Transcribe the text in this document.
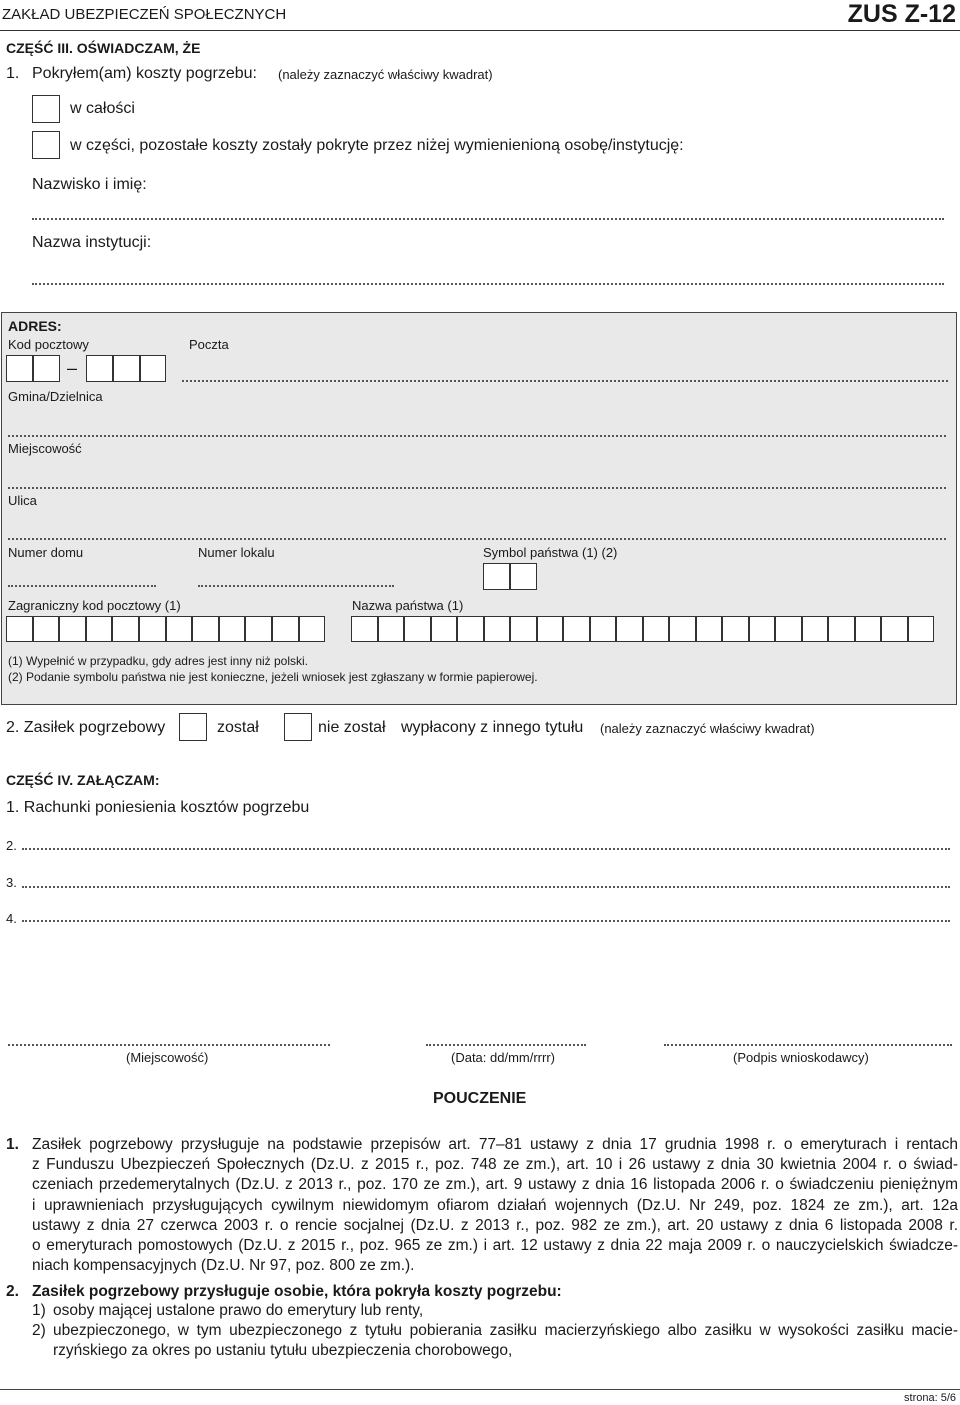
ZAKŁAD UBEZPIECZEŃ SPOŁECZNYCH	ZUS Z-12
CZĘŚĆ III. OŚWIADCZAM, ŻE
1. Pokryłem(am) koszty pogrzebu: (należy zaznaczyć właściwy kwadrat)
w całości
w części, pozostałe koszty zostały pokryte przez niżej wymienienioną osobę/instytucję:
Nazwisko i imię:
Nazwa instytucji:
ADRES:
Kod pocztowy	Poczta
–
Gmina/Dzielnica
Miejscowość
Ulica
Numer domu	Numer lokalu	Symbol państwa (1) (2)
Zagraniczny kod pocztowy (1)	Nazwa państwa (1)
(1) Wypełnić w przypadku, gdy adres jest inny niż polski.
(2) Podanie symbolu państwa nie jest konieczne, jeżeli wniosek jest zgłaszany w formie papierowej.
2. Zasiłek pogrzebowy	został	nie został wypłacony z innego tytułu (należy zaznaczyć właściwy kwadrat)
CZĘŚĆ IV. ZAŁĄCZAM:
1. Rachunki poniesienia kosztów pogrzebu
2.
3.
4.
(Miejscowość)	(Data: dd/mm/rrrr)	(Podpis wnioskodawcy)
POUCZENIE
1. Zasiłek pogrzebowy przysługuje na podstawie przepisów art. 77–81 ustawy z dnia 17 grudnia 1998 r. o emeryturach i rentach
z Funduszu Ubezpieczeń Społecznych (Dz.U. z 2015 r., poz. 748 ze zm.), art. 10 i 26 ustawy z dnia 30 kwietnia 2004 r. o świad-
czeniach przedemerytalnych (Dz.U. z 2013 r., poz. 170 ze zm.), art. 9 ustawy z dnia 16 listopada 2006 r. o świadczeniu pieniężnym
i uprawnieniach przysługujących cywilnym niewidomym ofiarom działań wojennych (Dz.U. Nr 249, poz. 1824 ze zm.), art. 12a
ustawy z dnia 27 czerwca 2003 r. o rencie socjalnej (Dz.U. z 2013 r., poz. 982 ze zm.), art. 20 ustawy z dnia 6 listopada 2008 r.
o emeryturach pomostowych (Dz.U. z 2015 r., poz. 965 ze zm.) i art. 12 ustawy z dnia 22 maja 2009 r. o nauczycielskich świadcze-
niach kompensacyjnych (Dz.U. Nr 97, poz. 800 ze zm.).
2. Zasiłek pogrzebowy przysługuje osobie, która pokryła koszty pogrzebu:
1) osoby mającej ustalone prawo do emerytury lub renty,
2) ubezpieczonego, w tym ubezpieczonego z tytułu pobierania zasiłku macierzyńskiego albo zasiłku w wysokości zasiłku macie-
rzyńskiego za okres po ustaniu tytułu ubezpieczenia chorobowego,
strona: 5/6
